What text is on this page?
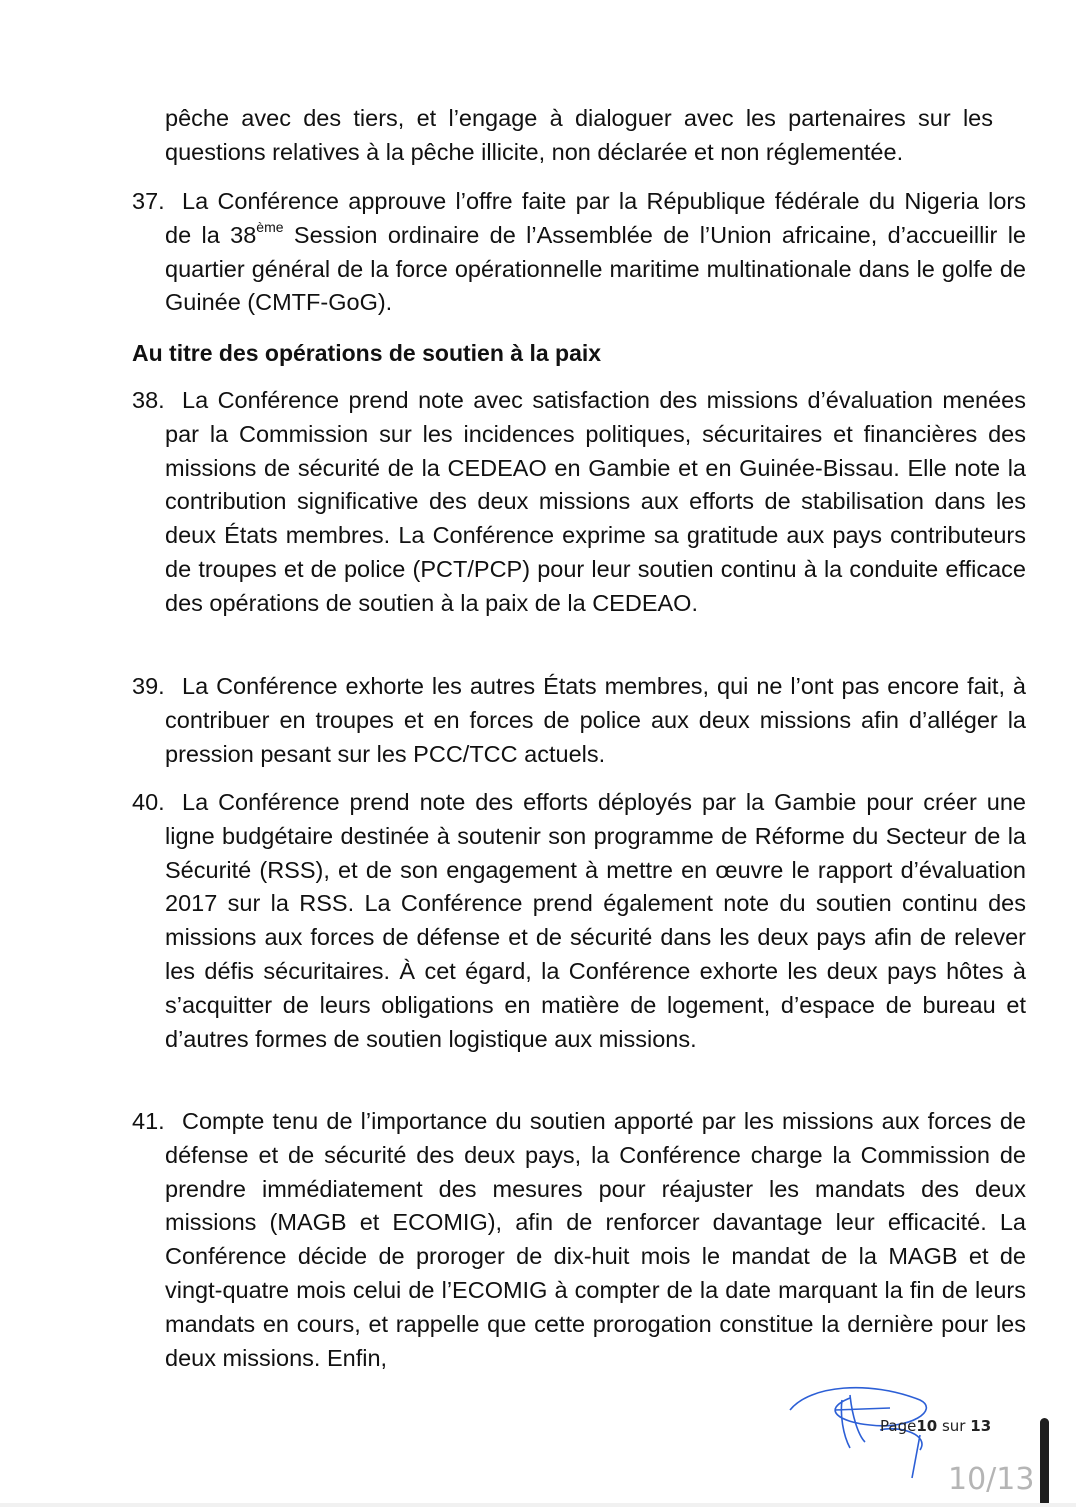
pêche avec des tiers, et l’engage à dialoguer avec les partenaires sur les questions relatives à la pêche illicite, non déclarée et non réglementée.

37. La Conférence approuve l’offre faite par la République fédérale du Nigeria lors de la 38ème Session ordinaire de l’Assemblée de l’Union africaine, d’accueillir le quartier général de la force opérationnelle maritime multinationale dans le golfe de Guinée (CMTF-GoG).

Au titre des opérations de soutien à la paix

38. La Conférence prend note avec satisfaction des missions d’évaluation menées par la Commission sur les incidences politiques, sécuritaires et financières des missions de sécurité de la CEDEAO en Gambie et en Guinée-Bissau. Elle note la contribution significative des deux missions aux efforts de stabilisation dans les deux États membres. La Conférence exprime sa gratitude aux pays contributeurs de troupes et de police (PCT/PCP) pour leur soutien continu à la conduite efficace des opérations de soutien à la paix de la CEDEAO.

39. La Conférence exhorte les autres États membres, qui ne l’ont pas encore fait, à contribuer en troupes et en forces de police aux deux missions afin d’alléger la pression pesant sur les PCC/TCC actuels.

40. La Conférence prend note des efforts déployés par la Gambie pour créer une ligne budgétaire destinée à soutenir son programme de Réforme du Secteur de la Sécurité (RSS), et de son engagement à mettre en œuvre le rapport d’évaluation 2017 sur la RSS. La Conférence prend également note du soutien continu des missions aux forces de défense et de sécurité dans les deux pays afin de relever les défis sécuritaires. À cet égard, la Conférence exhorte les deux pays hôtes à s’acquitter de leurs obligations en matière de logement, d’espace de bureau et d’autres formes de soutien logistique aux missions.

41. Compte tenu de l’importance du soutien apporté par les missions aux forces de défense et de sécurité des deux pays, la Conférence charge la Commission de prendre immédiatement des mesures pour réajuster les mandats des deux missions (MAGB et ECOMIG), afin de renforcer davantage leur efficacité. La Conférence décide de proroger de dix-huit mois le mandat de la MAGB et de vingt-quatre mois celui de l’ECOMIG à compter de la date marquant la fin de leurs mandats en cours, et rappelle que cette prorogation constitue la dernière pour les deux missions. Enfin,

Page10 sur 13
10/13
